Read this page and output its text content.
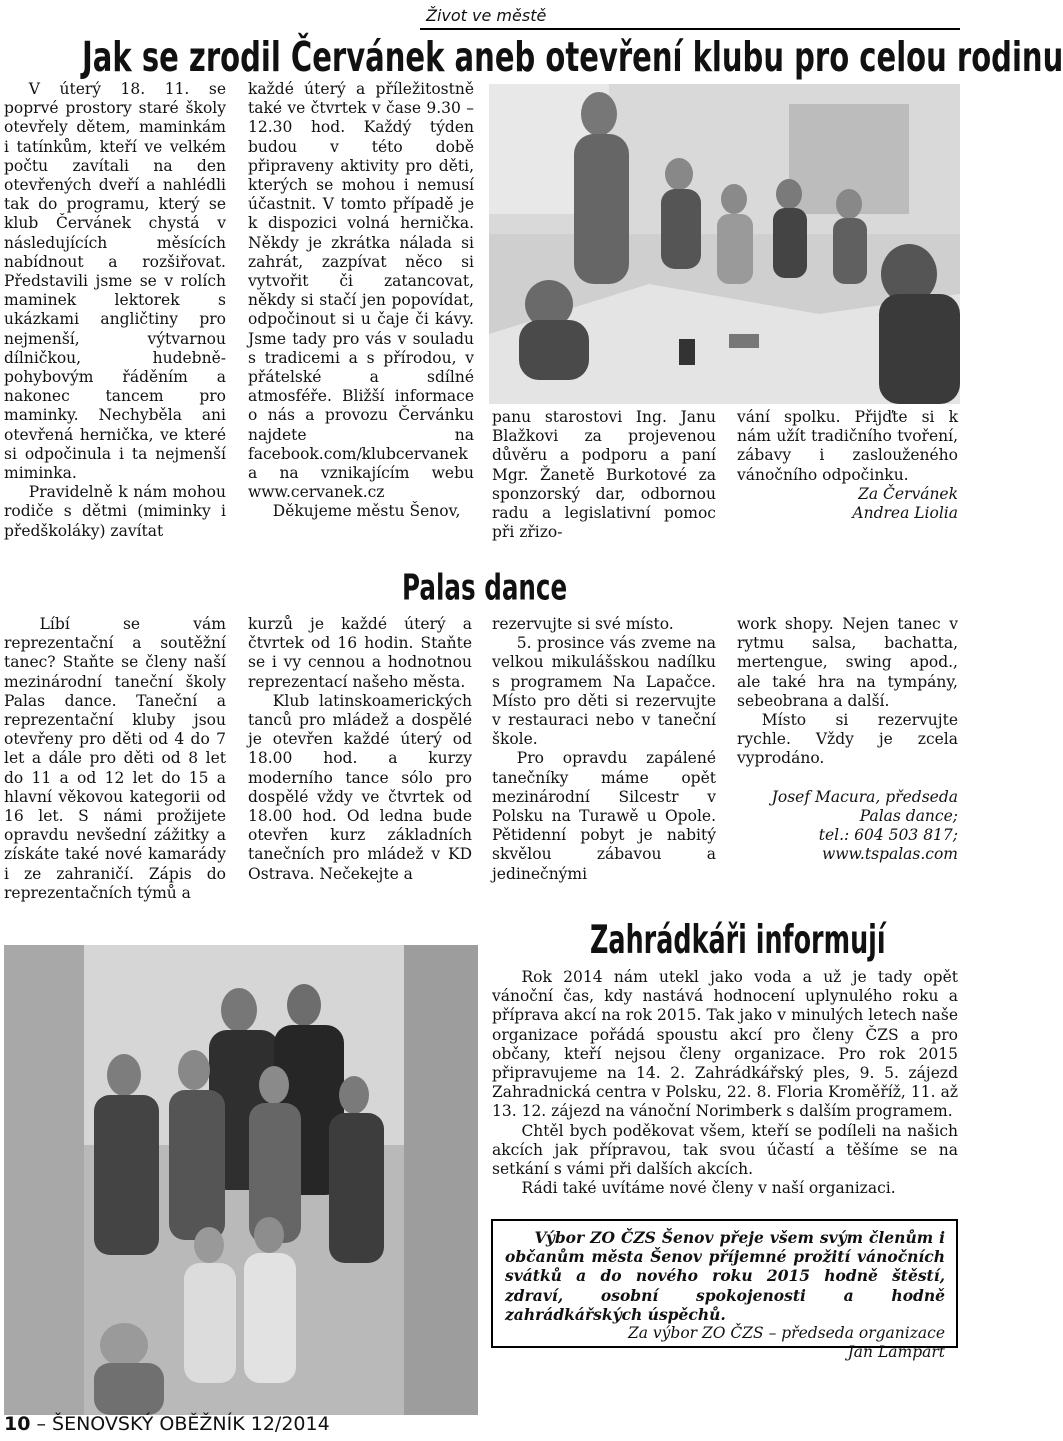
Život ve městě
Jak se zrodil Červánek aneb otevření klubu pro celou rodinu

V úterý 18. 11. se poprvé prostory staré školy otevřely dětem, maminkám i tatínkům, kteří ve velkém počtu zavítali na den otevřených dveří a nahlédli tak do programu, který se klub Červánek chystá v následujících měsících nabídnout a rozšiřovat. Představili jsme se v rolích maminek lektorek s ukázkami angličtiny pro nejmenší, výtvarnou dílničkou, hudebně-pohybovým řáděním a nakonec tancem pro maminky. Nechyběla ani otevřená hernička, ve které si odpočinula i ta nejmenší miminka.

Pravidelně k nám mohou rodiče s dětmi (miminky i předškoláky) zavítat

každé úterý a příležitostně také ve čtvrtek v čase 9.30 – 12.30 hod. Každý týden budou v této době připraveny aktivity pro děti, kterých se mohou i nemusí účastnit. V tomto případě je k dispozici volná hernička. Někdy je zkrátka nálada si zahrát, zazpívat něco si vytvořit či zatancovat, někdy si stačí jen popovídat, odpočinout si u čaje či kávy. Jsme tady pro vás v souladu s tradicemi a s přírodou, v přátelské a sdílné atmosféře. Bližší informace o nás a provozu Červánku najdete na facebook.com/klubcervanek a na vznikajícím webu www.cervanek.cz

Děkujeme městu Šenov,

panu starostovi Ing. Janu Blažkovi za projevenou důvěru a podporu a paní Mgr. Žanetě Burkotové za sponzorský dar, odbornou radu a legislativní pomoc při zřizo-

vání spolku. Přijďte si k nám užít tradičního tvoření, zábavy i zaslouženého vánočního odpočinku.

Za Červánek

Andrea Liolia

Palas dance

Líbí se vám reprezentační a soutěžní tanec? Staňte se členy naší mezinárodní taneční školy Palas dance. Taneční a reprezentační kluby jsou otevřeny pro děti od 4 do 7 let a dále pro děti od 8 let do 11 a od 12 let do 15 a hlavní věkovou kategorii od 16 let. S námi prožijete opravdu nevšední zážitky a získáte také nové kamarády i ze zahraničí. Zápis do reprezentačních týmů a

kurzů je každé úterý a čtvrtek od 16 hodin. Staňte se i vy cennou a hodnotnou reprezentací našeho města.

Klub latinskoamerických tanců pro mládež a dospělé je otevřen každé úterý od 18.00 hod. a kurzy moderního tance sólo pro dospělé vždy ve čtvrtek od 18.00 hod. Od ledna bude otevřen kurz základních tanečních pro mládež v KD Ostrava. Nečekejte a

rezervujte si své místo.

5. prosince vás zveme na velkou mikulášskou nadílku s programem Na Lapačce. Místo pro děti si rezervujte v restauraci nebo v taneční škole.

Pro opravdu zapálené tanečníky máme opět mezinárodní Silcestr v Polsku na Turawě u Opole. Pětidenní pobyt je nabitý skvělou zábavou a jedinečnými

work shopy. Nejen tanec v rytmu salsa, bachatta, mertengue, swing apod., ale také hra na tympány, sebeobrana a další.

Místo si rezervujte rychle. Vždy je zcela vyprodáno.

Josef Macura, předseda

Palas dance;

tel.: 604 503 817;

www.tspalas.com

Zahrádkáři informují

Rok 2014 nám utekl jako voda a už je tady opět vánoční čas, kdy nastává hodnocení uplynulého roku a příprava akcí na rok 2015. Tak jako v minulých letech naše organizace pořádá spoustu akcí pro členy ČZS a pro občany, kteří nejsou členy organizace. Pro rok 2015 připravujeme na 14. 2. Zahrádkářský ples, 9. 5. zájezd Zahradnická centra v Polsku, 22. 8. Floria Kroměříž, 11. až 13. 12. zájezd na vánoční Norimberk s dalším programem.

Chtěl bych poděkovat všem, kteří se podíleli na našich akcích jak přípravou, tak svou účastí a těšíme se na setkání s vámi při dalších akcích.

Rádi také uvítáme nové členy v naší organizaci.

Výbor ZO ČZS Šenov přeje všem svým členům i občanům města Šenov příjemné prožití vánočních svátků a do nového roku 2015 hodně štěstí, zdraví, osobní spokojenosti a hodně zahrádkářských úspěchů.

Za výbor ZO ČZS – předseda organizace

Jan Lampart

10 – ŠENOVSKÝ OBĚŽNÍK 12/2014
